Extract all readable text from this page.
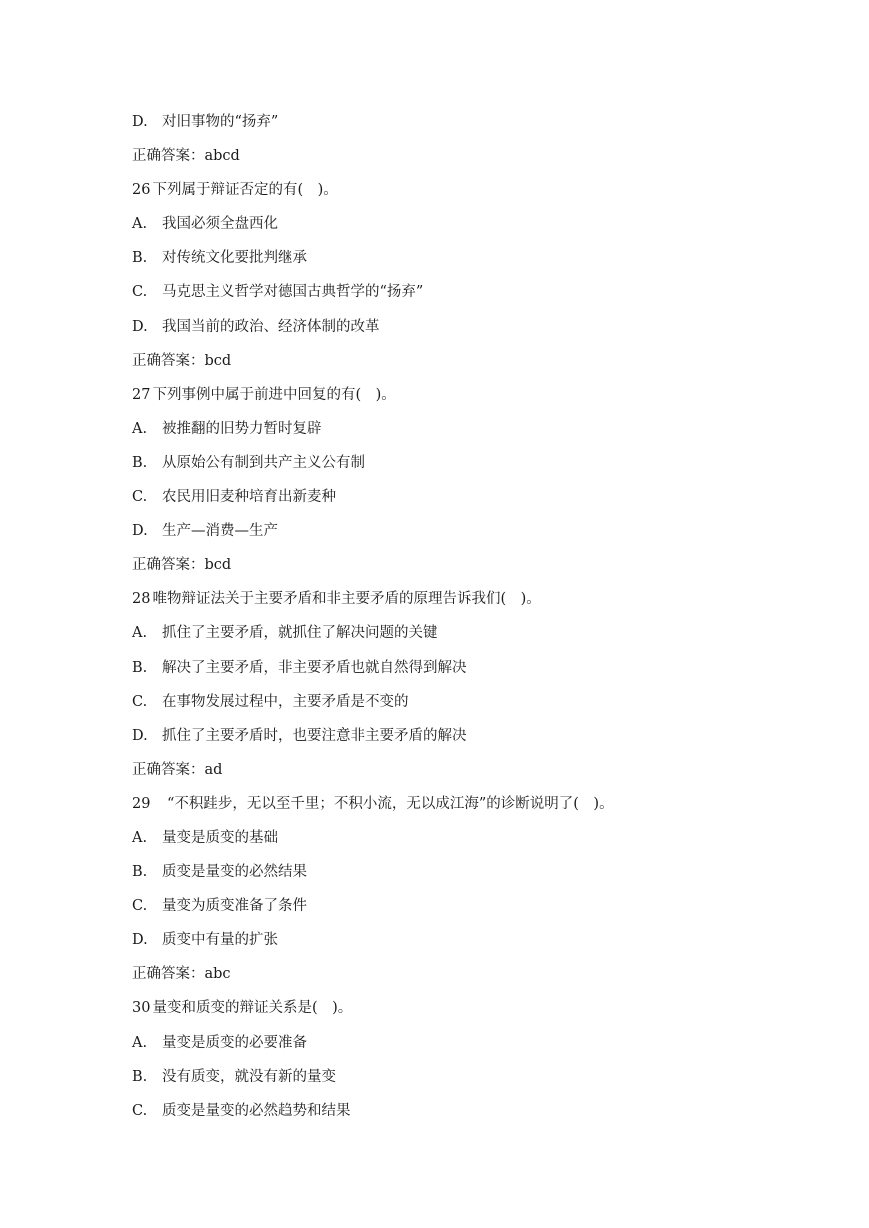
D. 对旧事物的“扬弃”
正确答案：abcd
26 下列属于辩证否定的有(　)。
A. 我国必须全盘西化
B. 对传统文化要批判继承
C. 马克思主义哲学对德国古典哲学的“扬弃”
D. 我国当前的政治、经济体制的改革
正确答案：bcd
27 下列事例中属于前进中回复的有(　)。
A. 被推翻的旧势力暂时复辟
B. 从原始公有制到共产主义公有制
C. 农民用旧麦种培育出新麦种
D. 生产—消费—生产
正确答案：bcd
28 唯物辩证法关于主要矛盾和非主要矛盾的原理告诉我们(　)。
A. 抓住了主要矛盾，就抓住了解决问题的关键
B. 解决了主要矛盾，非主要矛盾也就自然得到解决
C. 在事物发展过程中，主要矛盾是不变的
D. 抓住了主要矛盾时，也要注意非主要矛盾的解决
正确答案：ad
29　“不积跬步，无以至千里；不积小流，无以成江海”的诊断说明了(　)。
A. 量变是质变的基础
B. 质变是量变的必然结果
C. 量变为质变准备了条件
D. 质变中有量的扩张
正确答案：abc
30 量变和质变的辩证关系是(　)。
A. 量变是质变的必要准备
B. 没有质变，就没有新的量变
C. 质变是量变的必然趋势和结果
